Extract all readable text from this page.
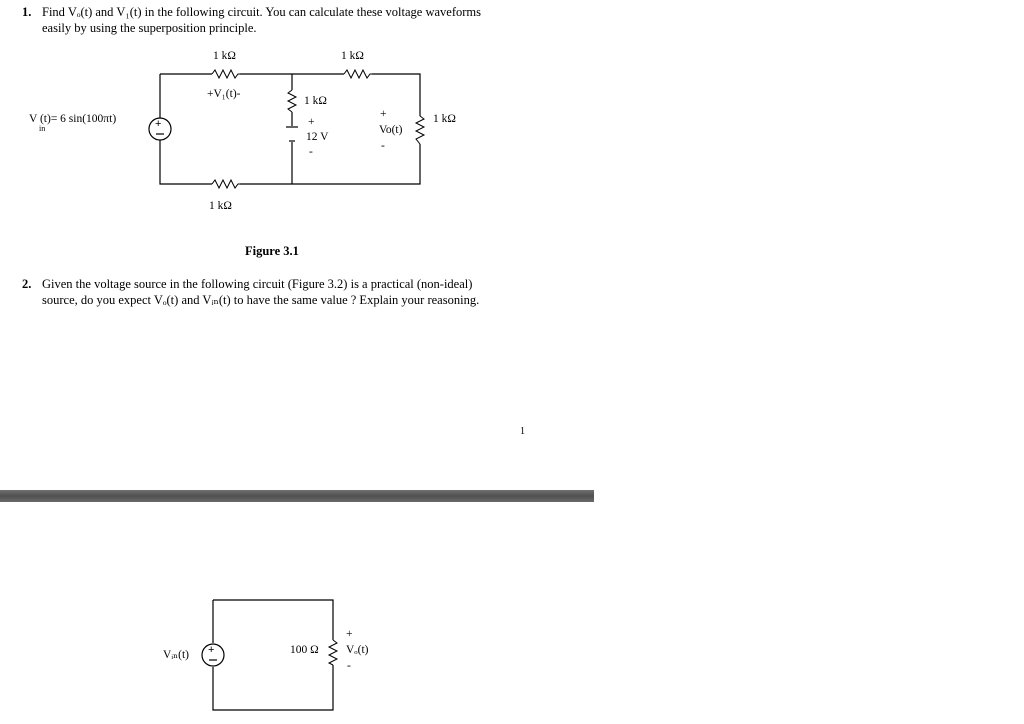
1. Find Vₒ(t) and V₁(t) in the following circuit. You can calculate these voltage waveforms
easily by using the superposition principle.
+
+
1 kΩ	1 kΩ
+V₁(t)-
1 kΩ
V (t)= 6 sin(100πt)
in
+
12 V
-
+
Vo(t)
-
1 kΩ
1 kΩ
Figure 3.1
2. Given the voltage source in the following circuit (Figure 3.2) is a practical (non-ideal)
source, do you expect Vₒ(t) and Vᵢₙ(t) to have the same value ? Explain your reasoning.
1
Vᵢₙ(t)	100 Ω
+
Vₒ(t)
-
